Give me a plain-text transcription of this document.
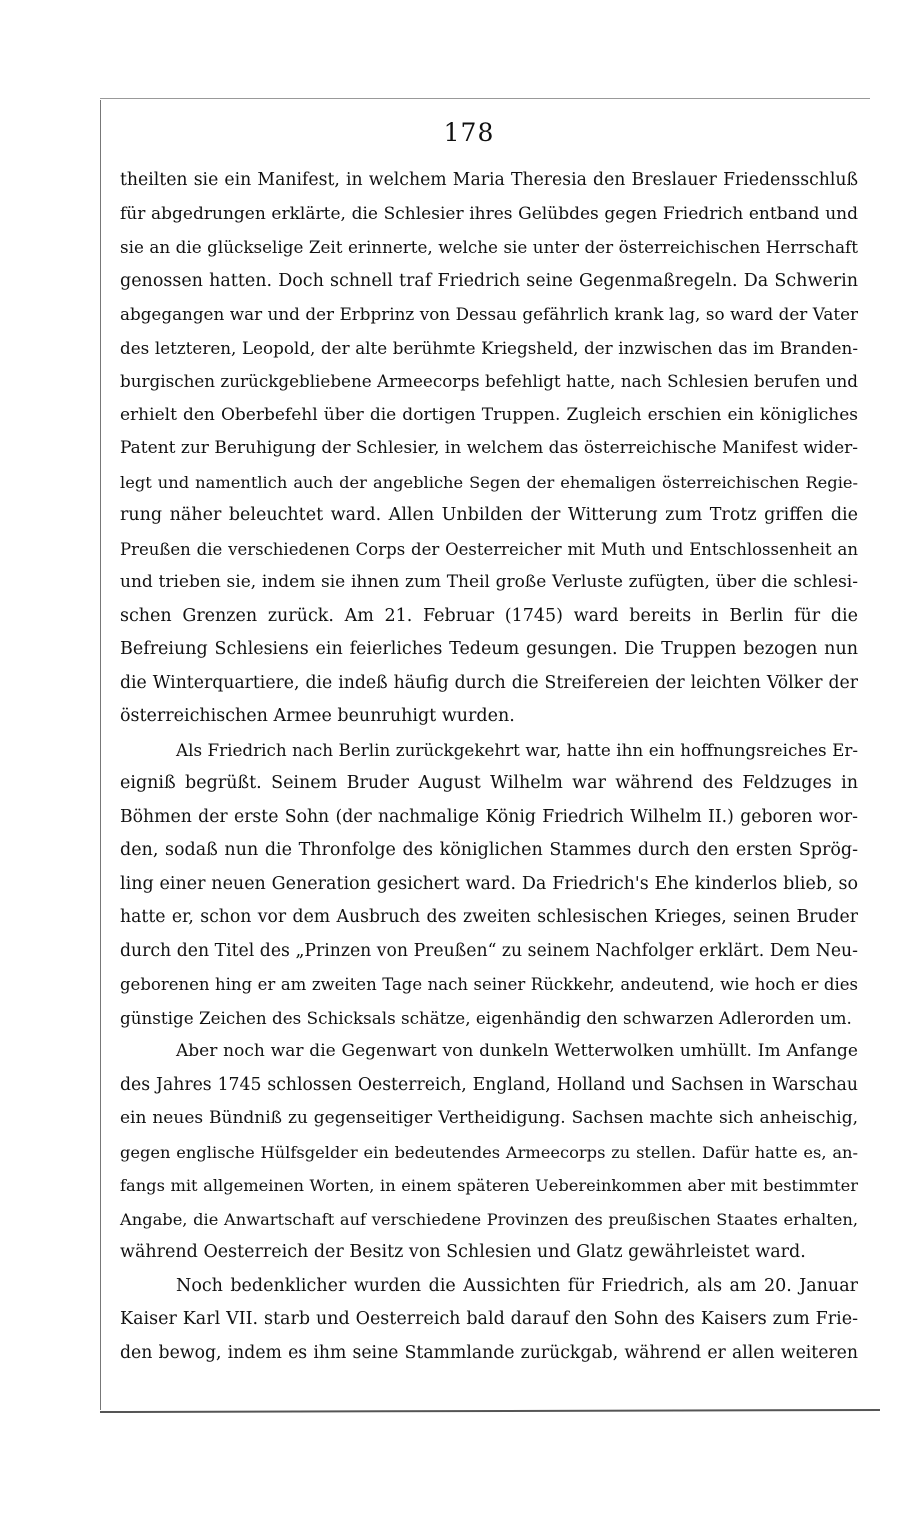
178
theilten sie ein Manifest, in welchem Maria Theresia den Breslauer Friedensschluß
für abgedrungen erklärte, die Schlesier ihres Gelübdes gegen Friedrich entband und
sie an die glückselige Zeit erinnerte, welche sie unter der österreichischen Herrschaft
genossen hatten. Doch schnell traf Friedrich seine Gegenmaßregeln. Da Schwerin
abgegangen war und der Erbprinz von Dessau gefährlich krank lag, so ward der Vater
des letzteren, Leopold, der alte berühmte Kriegsheld, der inzwischen das im Branden-
burgischen zurückgebliebene Armeecorps befehligt hatte, nach Schlesien berufen und
erhielt den Oberbefehl über die dortigen Truppen. Zugleich erschien ein königliches
Patent zur Beruhigung der Schlesier, in welchem das österreichische Manifest wider-
legt und namentlich auch der angebliche Segen der ehemaligen österreichischen Regie-
rung näher beleuchtet ward. Allen Unbilden der Witterung zum Trotz griffen die
Preußen die verschiedenen Corps der Oesterreicher mit Muth und Entschlossenheit an
und trieben sie, indem sie ihnen zum Theil große Verluste zufügten, über die schlesi-
schen Grenzen zurück. Am 21. Februar (1745) ward bereits in Berlin für die
Befreiung Schlesiens ein feierliches Tedeum gesungen. Die Truppen bezogen nun
die Winterquartiere, die indeß häufig durch die Streifereien der leichten Völker der
österreichischen Armee beunruhigt wurden.
Als Friedrich nach Berlin zurückgekehrt war, hatte ihn ein hoffnungsreiches Er-
eigniß begrüßt. Seinem Bruder August Wilhelm war während des Feldzuges in
Böhmen der erste Sohn (der nachmalige König Friedrich Wilhelm II.) geboren wor-
den, sodaß nun die Thronfolge des königlichen Stammes durch den ersten Sprög-
ling einer neuen Generation gesichert ward. Da Friedrich's Ehe kinderlos blieb, so
hatte er, schon vor dem Ausbruch des zweiten schlesischen Krieges, seinen Bruder
durch den Titel des „Prinzen von Preußen“ zu seinem Nachfolger erklärt. Dem Neu-
geborenen hing er am zweiten Tage nach seiner Rückkehr, andeutend, wie hoch er dies
günstige Zeichen des Schicksals schätze, eigenhändig den schwarzen Adlerorden um.
Aber noch war die Gegenwart von dunkeln Wetterwolken umhüllt. Im Anfange
des Jahres 1745 schlossen Oesterreich, England, Holland und Sachsen in Warschau
ein neues Bündniß zu gegenseitiger Vertheidigung. Sachsen machte sich anheischig,
gegen englische Hülfsgelder ein bedeutendes Armeecorps zu stellen. Dafür hatte es, an-
fangs mit allgemeinen Worten, in einem späteren Uebereinkommen aber mit bestimmter
Angabe, die Anwartschaft auf verschiedene Provinzen des preußischen Staates erhalten,
während Oesterreich der Besitz von Schlesien und Glatz gewährleistet ward.
Noch bedenklicher wurden die Aussichten für Friedrich, als am 20. Januar
Kaiser Karl VII. starb und Oesterreich bald darauf den Sohn des Kaisers zum Frie-
den bewog, indem es ihm seine Stammlande zurückgab, während er allen weiteren
